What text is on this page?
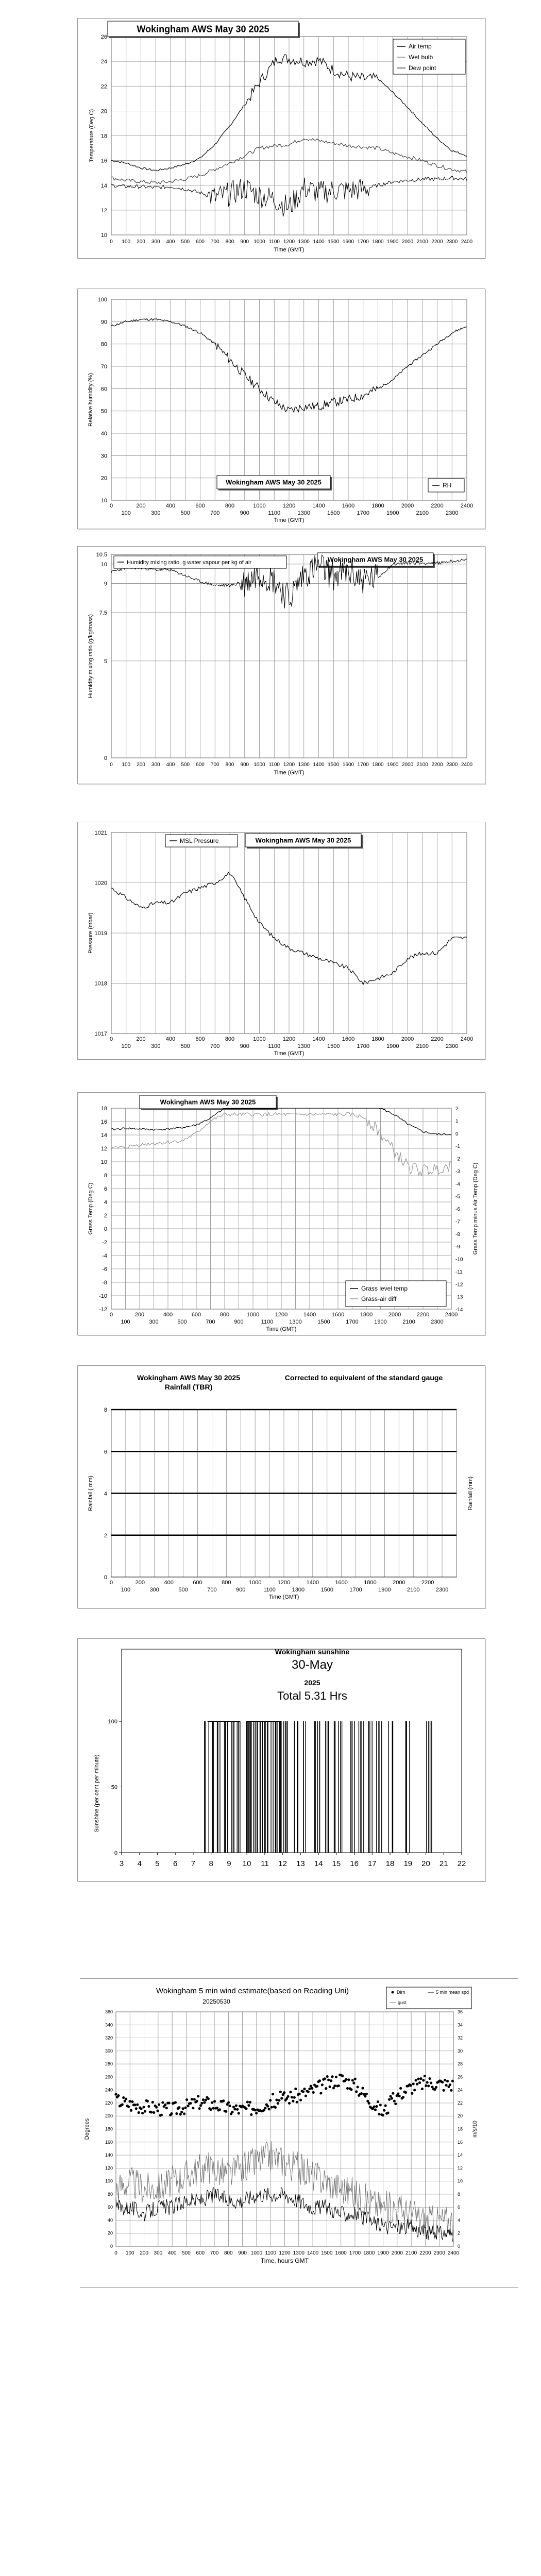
10
12
14
16
18
20
22
24
26
0 100 200 300 400 500 600 700 800 900 1000 1100 1200 1300 1400 1500 1600 1700 1800 1900 2000 2100 2200 2300 2400
Time (GMT)
Temperature (Deg C)
Wokingham AWS May 30 2025
Air temp
Wet bulb
Dew point
10
20
30
40
50
60
70
80
90
100
0	200	400	600	800	1000	1200	1400	1600	1800	2000	2200	2400
100	300	500	700	900	1100	1300	1500	1700	1900	2100	2300
Time (GMT)
Relative humidity (%)
Wokingham AWS May 30 2025	RH
0
5
7.5
9
10
10.5
0 100 200 300 400 500 600 700 800 900 1000 1100 1200 1300 1400 1500 1600 1700 1800 1900 2000 2100 2200 2300 2400
Time (GMT)
Humidity mixing ratio (g/kg/mass)
Wokingham AWS May 30 2025
Humidity mixing ratio, g water vapour per kg of air
1017
1018
1019
1020
1021
0	200	400	600	800	1000	1200	1400	1600	1800	2000	2200	2400
100	300	500	700	900	1100	1300	1500	1700	1900	2100	2300
Time (GMT)
Pressure (mbar)
Wokingham AWS May 30 2025
MSL Pressure
-12
-10
-8
-6
-4
-2
0
2
4
6
8
10
12
14
16
18
-14
-13
-12
-11
-10
-9
-8
-7
-6
-5
-4
-3
-2
-1
0
1
2
0	200	400	600	800	1000	1200	1400	1600	1800	2000	2200	2400
100	300	500	700	900	1100	1300	1500	1700	1900	2100	2300
Time (GMT)
Grass Temp (Deg C)	Grass Temp minus Air Temp (Deg C)
Wokingham AWS May 30 2025
Grass level temp
Grass-air diff
0
2
4
6
8
0	200	400	600	800	1000	1200	1400	1600	1800	2000	2200
100	300	500	700	900	1100	1300	1500	1700	1900	2100	2300
Time (GMT)
Rainfall ( mm)	Rainfall (mm)
Wokingham AWS May 30 2025
Rainfall (TBR)
Corrected to equivalent of the standard gauge
3 4 5 6 7 8 9 10 11 12 13 14 15 16 17 18 19 20 21 22
0
50
100
Sunshine (per cent per minute)
Wokingham sunshine
30-May
2025
Total 5.31 Hrs
0
20
40
60
80
100
120
140
160
180
200
220
240
260
280
300
320
340
360
0
2
4
6
8
10
12
14
16
18
20
22
24
26
28
30
32
34
36
0 100 200 300 400 500 600 700 800 900 1000 1100 1200 1300 1400 1500 1600 1700 1800 1900 2000 2100 2200 2300 2400
Time, hours GMT
Degrees	m/s/10
Wokingham 5 min wind estimate(based on Reading Uni)
20250530
Dirn	5 min mean spd
gust
